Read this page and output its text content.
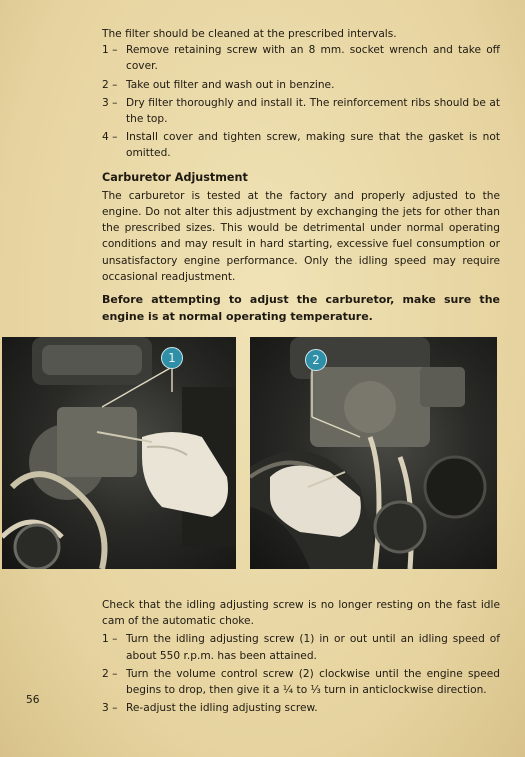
The filter should be cleaned at the prescribed intervals.

1 – Remove retaining screw with an 8 mm. socket wrench and take off cover.

2 – Take out filter and wash out in benzine.

3 – Dry filter thoroughly and install it. The reinforcement ribs should be at the top.

4 – Install cover and tighten screw, making sure that the gasket is not omitted.

Carburetor Adjustment

The carburetor is tested at the factory and properly adjusted to the engine. Do not alter this adjustment by exchanging the jets for other than the prescribed sizes. This would be detrimental under normal operating conditions and may result in hard starting, excessive fuel consumption or unsatisfactory engine performance. Only the idling speed may require occasional readjustment.

Before attempting to adjust the carburetor, make sure the engine is at normal operating temperature.

1	2

Check that the idling adjusting screw is no longer resting on the fast idle cam of the automatic choke.

1 – Turn the idling adjusting screw (1) in or out until an idling speed of about 550 r.p.m. has been attained.

2 – Turn the volume control screw (2) clockwise until the engine speed begins to drop, then give it a ¼ to ⅓ turn in anticlockwise direction.

3 – Re-adjust the idling adjusting screw.

56
